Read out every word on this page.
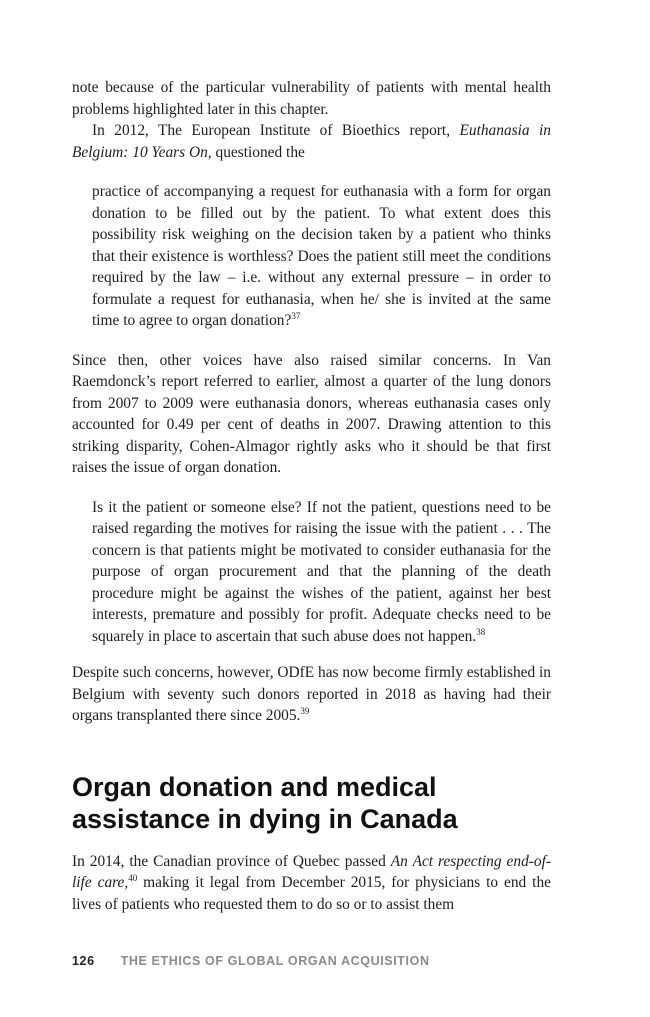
note because of the particular vulnerability of patients with mental health problems highlighted later in this chapter.

In 2012, The European Institute of Bioethics report, Euthanasia in Belgium: 10 Years On, questioned the

practice of accompanying a request for euthanasia with a form for organ donation to be filled out by the patient. To what extent does this possibility risk weighing on the decision taken by a patient who thinks that their existence is worthless? Does the patient still meet the conditions required by the law – i.e. without any external pressure – in order to formulate a request for euthanasia, when he/ she is invited at the same time to agree to organ donation?$^{37}$

Since then, other voices have also raised similar concerns. In Van Raemdonck’s report referred to earlier, almost a quarter of the lung donors from 2007 to 2009 were euthanasia donors, whereas euthanasia cases only accounted for 0.49 per cent of deaths in 2007. Drawing attention to this striking disparity, Cohen-Almagor rightly asks who it should be that first raises the issue of organ donation.

Is it the patient or someone else? If not the patient, questions need to be raised regarding the motives for raising the issue with the patient . . . The concern is that patients might be motivated to consider euthanasia for the purpose of organ procurement and that the planning of the death procedure might be against the wishes of the patient, against her best interests, premature and possibly for profit. Adequate checks need to be squarely in place to ascertain that such abuse does not happen.$^{38}$

Despite such concerns, however, ODfE has now become firmly established in Belgium with seventy such donors reported in 2018 as having had their organs transplanted there since 2005.39

Organ donation and medical assistance in dying in Canada

In 2014, the Canadian province of Quebec passed An Act respecting end-of-life care,$^{40}$ making it legal from December 2015, for physicians to end the lives of patients who requested them to do so or to assist them

126 THE ETHICS OF GLOBAL ORGAN ACQUISITION
